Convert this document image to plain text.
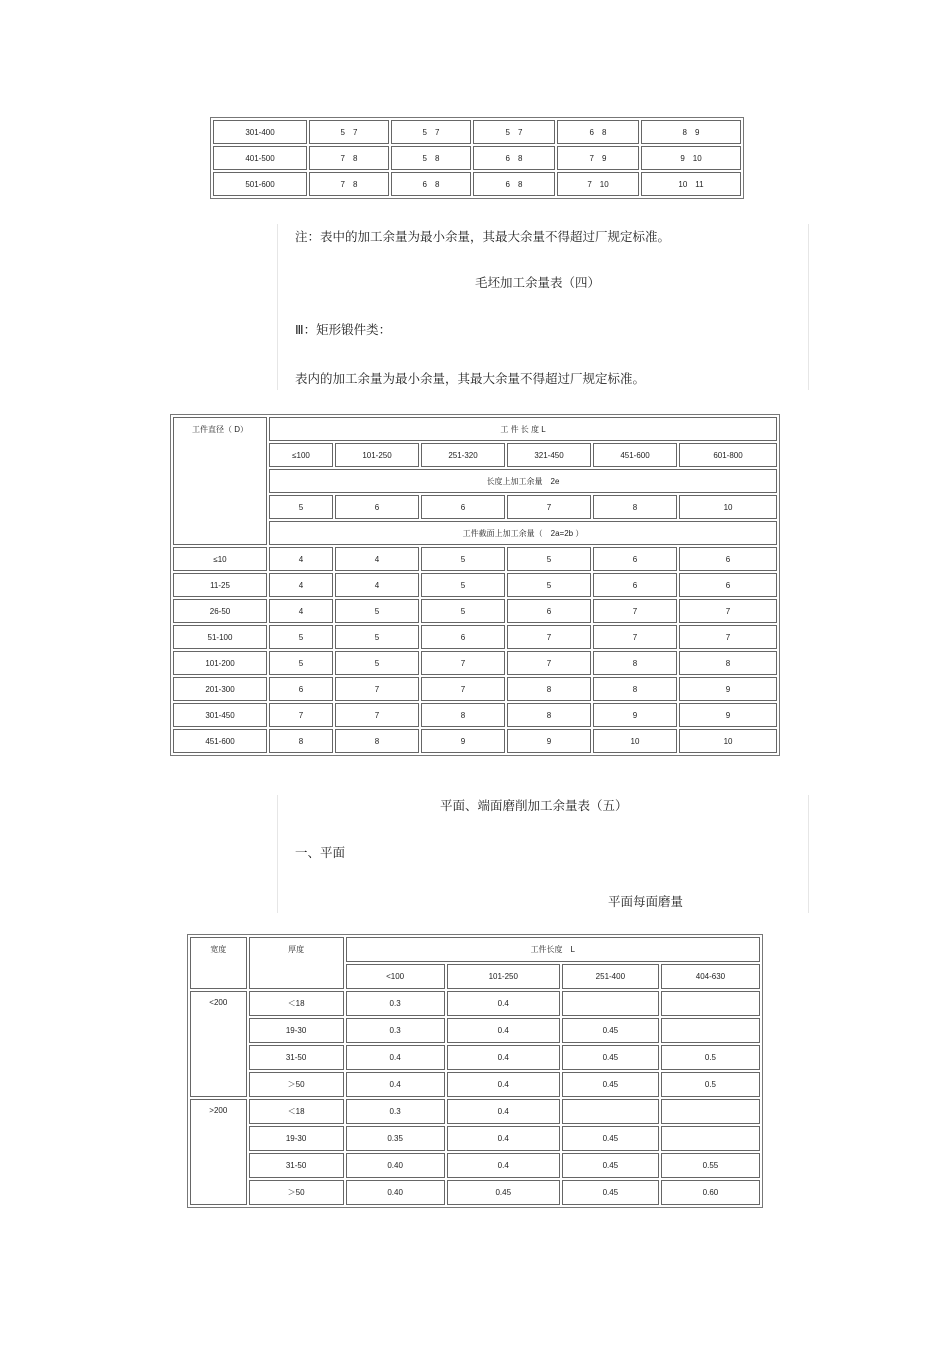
301-400	5　7	5　7	5　7	6　8	8　9
401-500	7　8	5　8	6　8	7　9	9　10
501-600	7　8	6　8	6　8	7　10	10　11
注：表中的加工余量为最小余量，其最大余量不得超过厂规定标准。
毛坯加工余量表（四）
Ⅲ：矩形锻件类：
表内的加工余量为最小余量，其最大余量不得超过厂规定标准。
工件直径（ D）	工 件 长 度 L					
	≤100	101-250	251-320	321-450	451-600	601-800
	长度上加工余量　2e					
	5	6	6	7	8	10
	工件截面上加工余量（　2a=2b ）					
≤10	4	4	5	5	6	6
11-25	4	4	5	5	6	6
26-50	4	5	5	6	7	7
51-100	5	5	6	7	7	7
101-200	5	5	7	7	8	8
201-300	6	7	7	8	8	9
301-450	7	7	8	8	9	9
451-600	8	8	9	9	10	10
平面、端面磨削加工余量表（五）
一、平面
平面每面磨量
宽度	厚度	工件长度　L			
		<100	101-250	251-400	404-630
<200	＜18	0.3	0.4		
	19-30	0.3	0.4	0.45	
	31-50	0.4	0.4	0.45	0.5
	＞50	0.4	0.4	0.45	0.5
>200	＜18	0.3	0.4		
	19-30	0.35	0.4	0.45	
	31-50	0.40	0.4	0.45	0.55
	＞50	0.40	0.45	0.45	0.60
